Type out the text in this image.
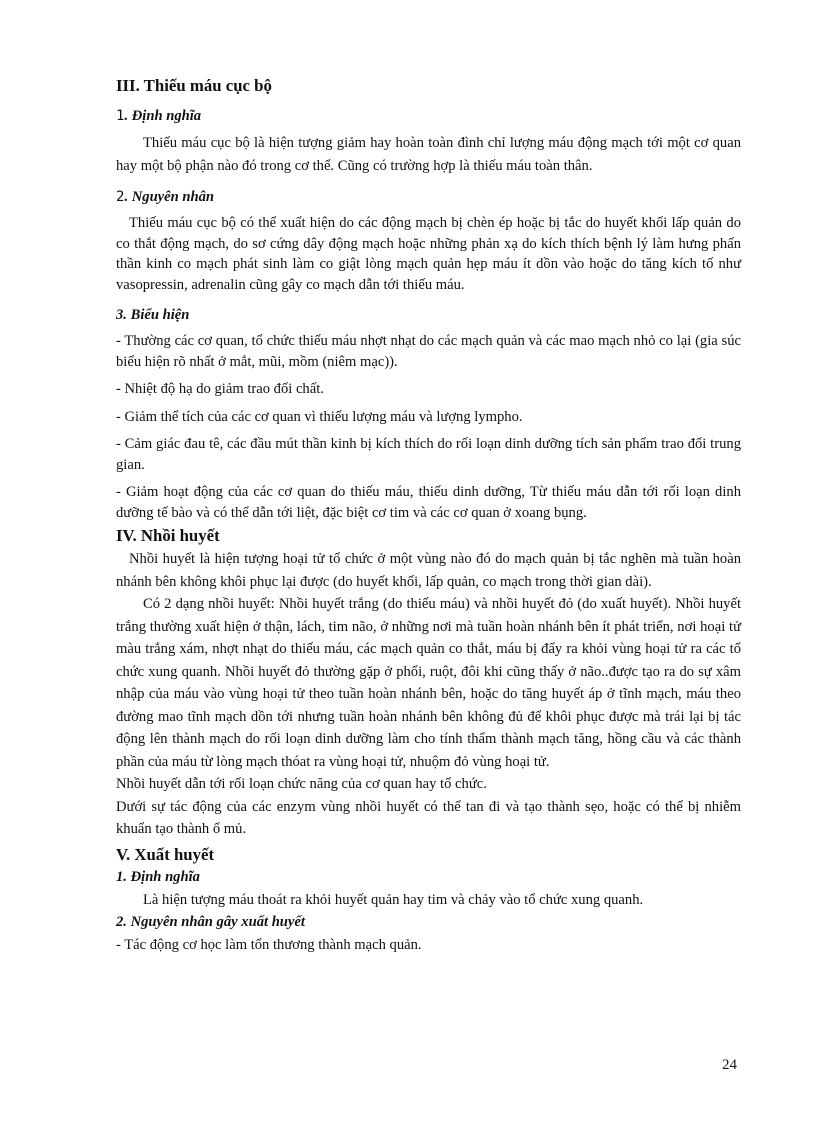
III. Thiếu máu cục bộ
1. Định nghĩa

Thiếu máu cục bộ là hiện tượng giảm hay hoàn toàn đình chỉ lượng máu động mạch tới một cơ quan hay một bộ phận nào đó trong cơ thể. Cũng có trường hợp là thiếu máu toàn thân.

2. Nguyên nhân

Thiếu máu cục bộ có thể xuất hiện do các động mạch bị chèn ép hoặc bị tắc do huyết khối lấp quản do co thắt động mạch, do sơ cứng dây động mạch hoặc những phản xạ do kích thích bệnh lý làm hưng phấn thần kinh co mạch phát sinh làm co giật lòng mạch quản hẹp máu ít dồn vào hoặc do tăng kích tố như vasopressin, adrenalin cũng gây co mạch dẫn tới thiếu máu.

3. Biểu hiện

- Thường các cơ quan, tổ chức thiếu máu nhợt nhạt do các mạch quản và các mao mạch nhỏ co lại (gia súc biểu hiện rõ nhất ở mắt, mũi, mồm (niêm mạc)).

- Nhiệt độ hạ do giảm trao đổi chất.

- Giảm thể tích của các cơ quan vì thiếu lượng máu và lượng lympho.

- Cảm giác đau tê, các đầu mút thần kinh bị kích thích do rối loạn dinh dưỡng tích sản phẩm trao đổi trung gian.

- Giảm hoạt động của các cơ quan do thiếu máu, thiếu dinh dưỡng, Từ thiếu máu dẫn tới rối loạn dinh dưỡng tế bào và có thể dẫn tới liệt, đặc biệt cơ tim và các cơ quan ở xoang bụng.

IV. Nhồi huyết

Nhồi huyết là hiện tượng hoại tử tổ chức ở một vùng nào đó do mạch quản bị tắc nghẽn mà tuần hoàn nhánh bên không khôi phục lại được (do huyết khối, lấp quản, co mạch trong thời gian dài).

Có 2 dạng nhồi huyết: Nhồi huyết trắng (do thiếu máu) và nhồi huyết đỏ (do xuất huyết). Nhồi huyết trắng thường xuất hiện ở thận, lách, tim não, ở những nơi mà tuần hoàn nhánh bên ít phát triển, nơi hoại tử màu trắng xám, nhợt nhạt do thiếu máu, các mạch quản co thắt, máu bị đẩy ra khỏi vùng hoại tử ra các tổ chức xung quanh. Nhồi huyết đỏ thường gặp ở phổi, ruột, đôi khi cũng thấy ở não..được tạo ra do sự xâm nhập của máu vào vùng hoại tử theo tuần hoàn nhánh bên, hoặc do tăng huyết áp ở tĩnh mạch, máu theo đường mao tĩnh mạch dồn tới nhưng tuần hoàn nhánh bên không đủ để khôi phục được mà trái lại bị tác động lên thành mạch do rối loạn dinh dưỡng làm cho tính thẩm thành mạch tăng, hồng cầu và các thành phần của máu từ lòng mạch thóat ra vùng hoại tử, nhuộm đỏ vùng hoại tử.

Nhồi huyết dẫn tới rối loạn chức năng của cơ quan hay tổ chức.

Dưới sự tác động của các enzym vùng nhồi huyết có thể tan đi và tạo thành sẹo, hoặc có thể bị nhiễm khuẩn tạo thành ổ mủ.

V. Xuất huyết
1. Định nghĩa

Là hiện tượng máu thoát ra khỏi huyết quản hay tim và chảy vào tổ chức xung quanh.

2. Nguyên nhân gây xuất huyết

- Tác động cơ học làm tổn thương thành mạch quản.

24
